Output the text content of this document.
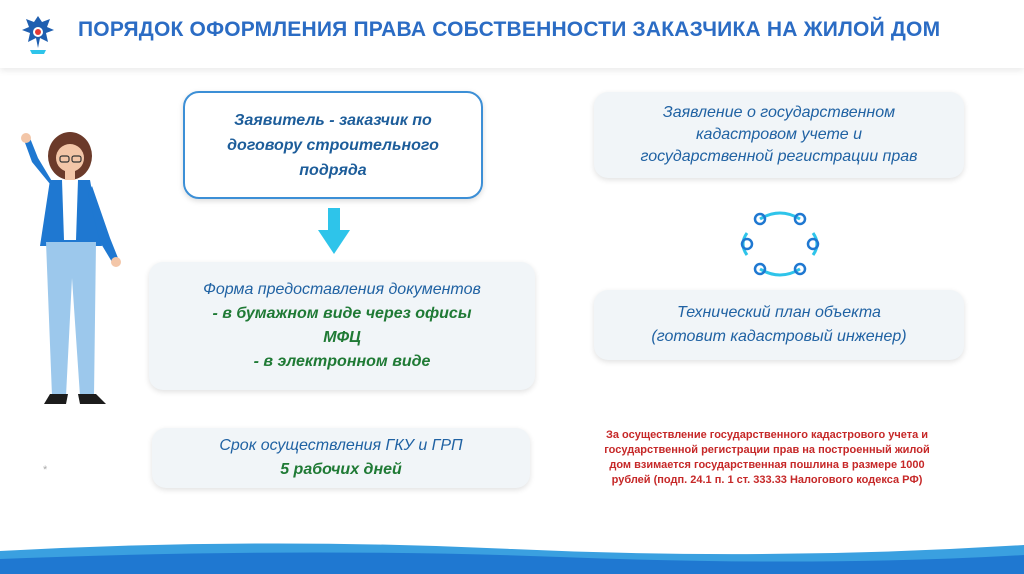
ПОРЯДОК ОФОРМЛЕНИЯ ПРАВА СОБСТВЕННОСТИ ЗАКАЗЧИКА НА ЖИЛОЙ ДОМ
Заявитель - заказчик по
договору строительного
подряда
Форма предоставления документов
- в бумажном виде через офисы
МФЦ
- в электронном виде
Срок осуществления ГКУ и ГРП
5 рабочих дней
Заявление о государственном
кадастровом учете и
государственной регистрации прав
Технический план объекта
(готовит кадастровый инженер)
За осуществление государственного кадастрового учета и
государственной регистрации прав на построенный жилой
дом взимается государственная пошлина в размере 1000
рублей (подп. 24.1 п. 1 ст. 333.33 Налогового кодекса РФ)
*
